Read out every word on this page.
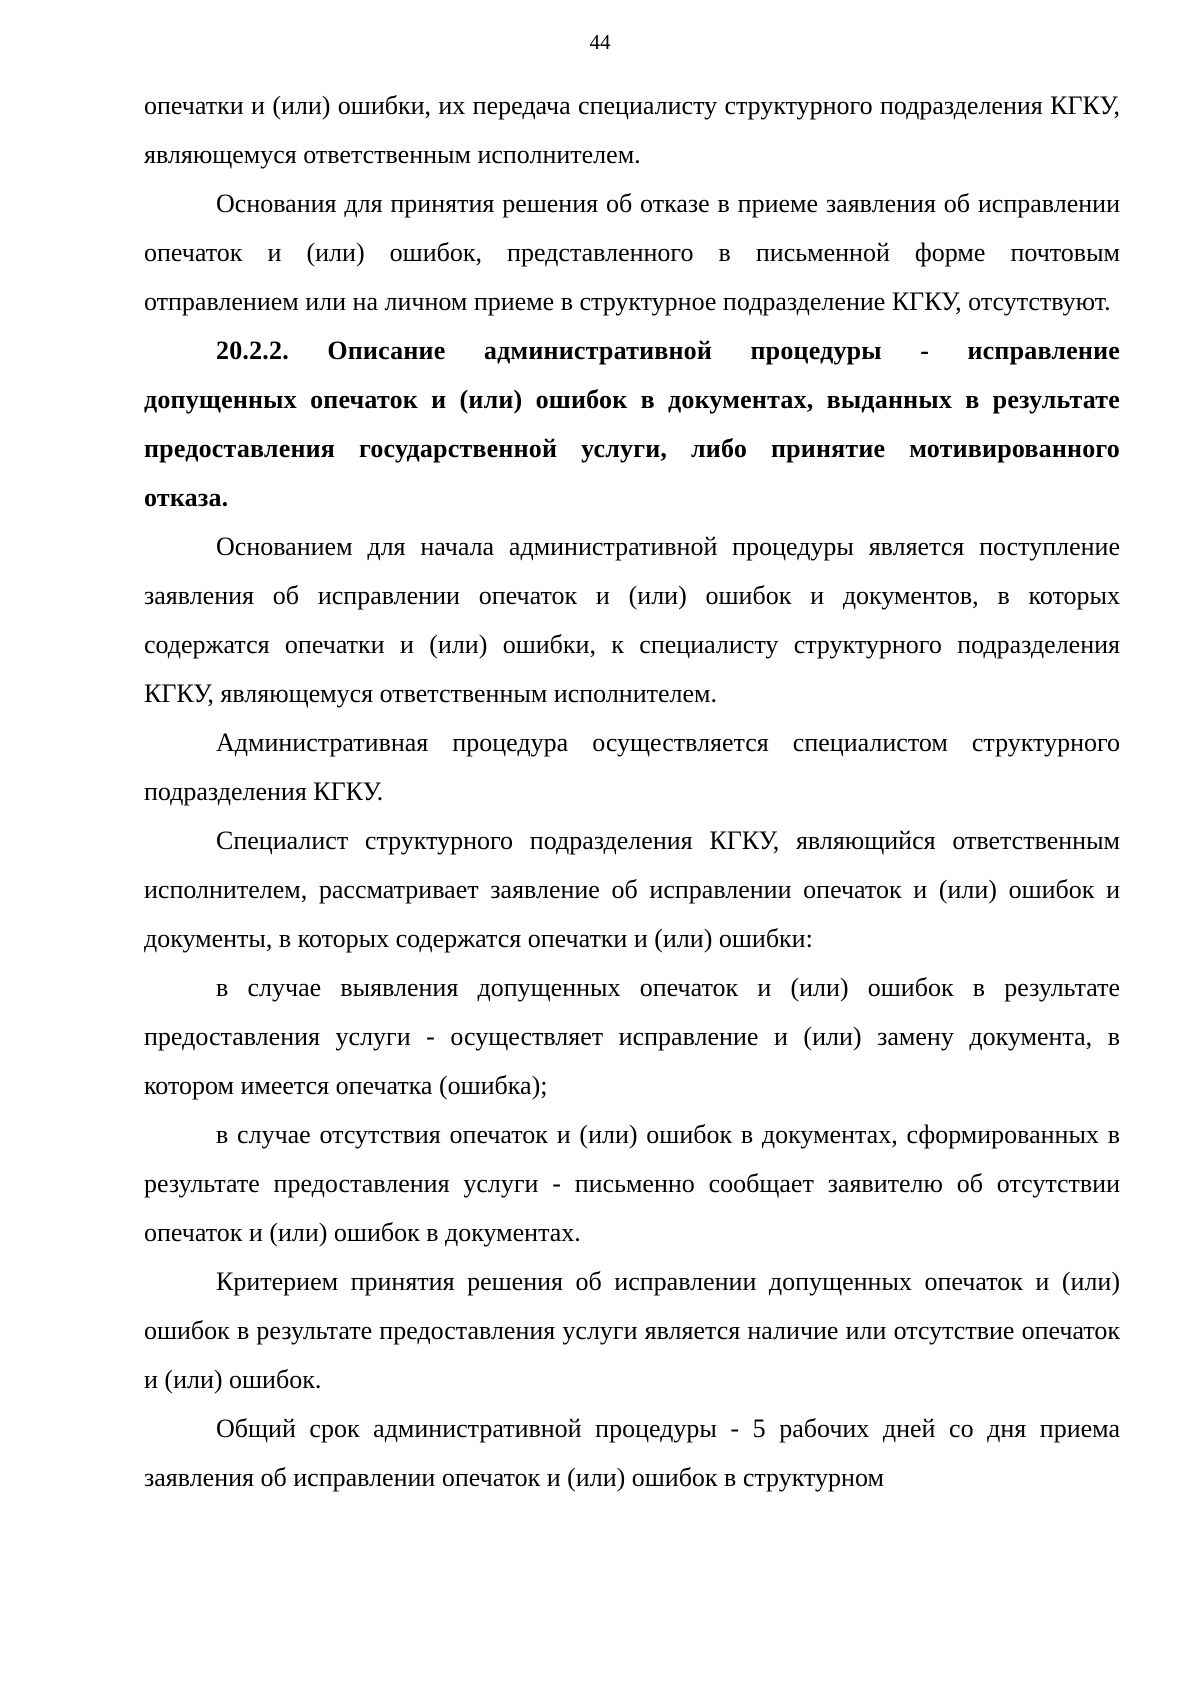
44

опечатки и (или) ошибки, их передача специалисту структурного подразделения КГКУ, являющемуся ответственным исполнителем.

Основания для принятия решения об отказе в приеме заявления об исправлении опечаток и (или) ошибок, представленного в письменной форме почтовым отправлением или на личном приеме в структурное подразделение КГКУ, отсутствуют.

20.2.2. Описание административной процедуры - исправление допущенных опечаток и (или) ошибок в документах, выданных в результате предоставления государственной услуги, либо принятие мотивированного отказа.

Основанием для начала административной процедуры является поступление заявления об исправлении опечаток и (или) ошибок и документов, в которых содержатся опечатки и (или) ошибки, к специалисту структурного подразделения КГКУ, являющемуся ответственным исполнителем.

Административная процедура осуществляется специалистом структурного подразделения КГКУ.

Специалист структурного подразделения КГКУ, являющийся ответственным исполнителем, рассматривает заявление об исправлении опечаток и (или) ошибок и документы, в которых содержатся опечатки и (или) ошибки:

в случае выявления допущенных опечаток и (или) ошибок в результате предоставления услуги - осуществляет исправление и (или) замену документа, в котором имеется опечатка (ошибка);

в случае отсутствия опечаток и (или) ошибок в документах, сформированных в результате предоставления услуги - письменно сообщает заявителю об отсутствии опечаток и (или) ошибок в документах.

Критерием принятия решения об исправлении допущенных опечаток и (или) ошибок в результате предоставления услуги является наличие или отсутствие опечаток и (или) ошибок.

Общий срок административной процедуры - 5 рабочих дней со дня приема заявления об исправлении опечаток и (или) ошибок в структурном
